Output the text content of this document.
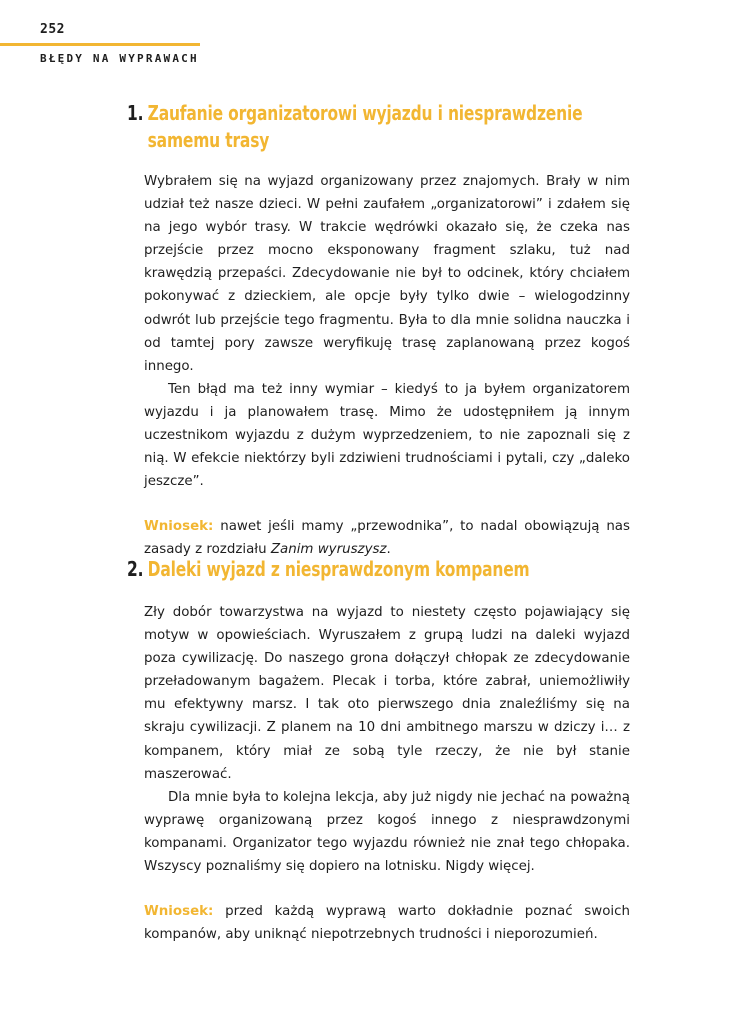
252
BŁĘDY NA WYPRAWACH
1. Zaufanie organizatorowi wyjazdu i niesprawdzenie samemu trasy

Wybrałem się na wyjazd organizowany przez znajomych. Brały w nim udział też nasze dzieci. W pełni zaufałem „organizatorowi” i zdałem się na jego wybór trasy. W trakcie wędrówki okazało się, że czeka nas przejście przez mocno eksponowany fragment szlaku, tuż nad krawędzią przepaści. Zdecydowanie nie był to odcinek, który chciałem pokonywać z dzieckiem, ale opcje były tylko dwie – wielogodzinny odwrót lub przejście tego fragmentu. Była to dla mnie solidna nauczka i od tamtej pory zawsze weryfikuję trasę zaplanowaną przez kogoś innego.

Ten błąd ma też inny wymiar – kiedyś to ja byłem organizatorem wyjazdu i ja planowałem trasę. Mimo że udostępniłem ją innym uczestnikom wyjazdu z dużym wyprzedzeniem, to nie zapoznali się z nią. W efekcie niektórzy byli zdziwieni trudnościami i pytali, czy „daleko jeszcze”.

Wniosek: nawet jeśli mamy „przewodnika”, to nadal obowiązują nas zasady z rozdziału Zanim wyruszysz.

2. Daleki wyjazd z niesprawdzonym kompanem

Zły dobór towarzystwa na wyjazd to niestety często pojawiający się motyw w opowieściach. Wyruszałem z grupą ludzi na daleki wyjazd poza cywilizację. Do naszego grona dołączył chłopak ze zdecydowanie przeładowanym bagażem. Plecak i torba, które zabrał, uniemożliwiły mu efektywny marsz. I tak oto pierwszego dnia znaleźliśmy się na skraju cywilizacji. Z planem na 10 dni ambitnego marszu w dziczy i… z kompanem, który miał ze sobą tyle rzeczy, że nie był stanie maszerować.

Dla mnie była to kolejna lekcja, aby już nigdy nie jechać na poważną wyprawę organizowaną przez kogoś innego z niesprawdzonymi kompanami. Organizator tego wyjazdu również nie znał tego chłopaka. Wszyscy poznaliśmy się dopiero na lotnisku. Nigdy więcej.

Wniosek: przed każdą wyprawą warto dokładnie poznać swoich kompanów, aby uniknąć niepotrzebnych trudności i nieporozumień.
